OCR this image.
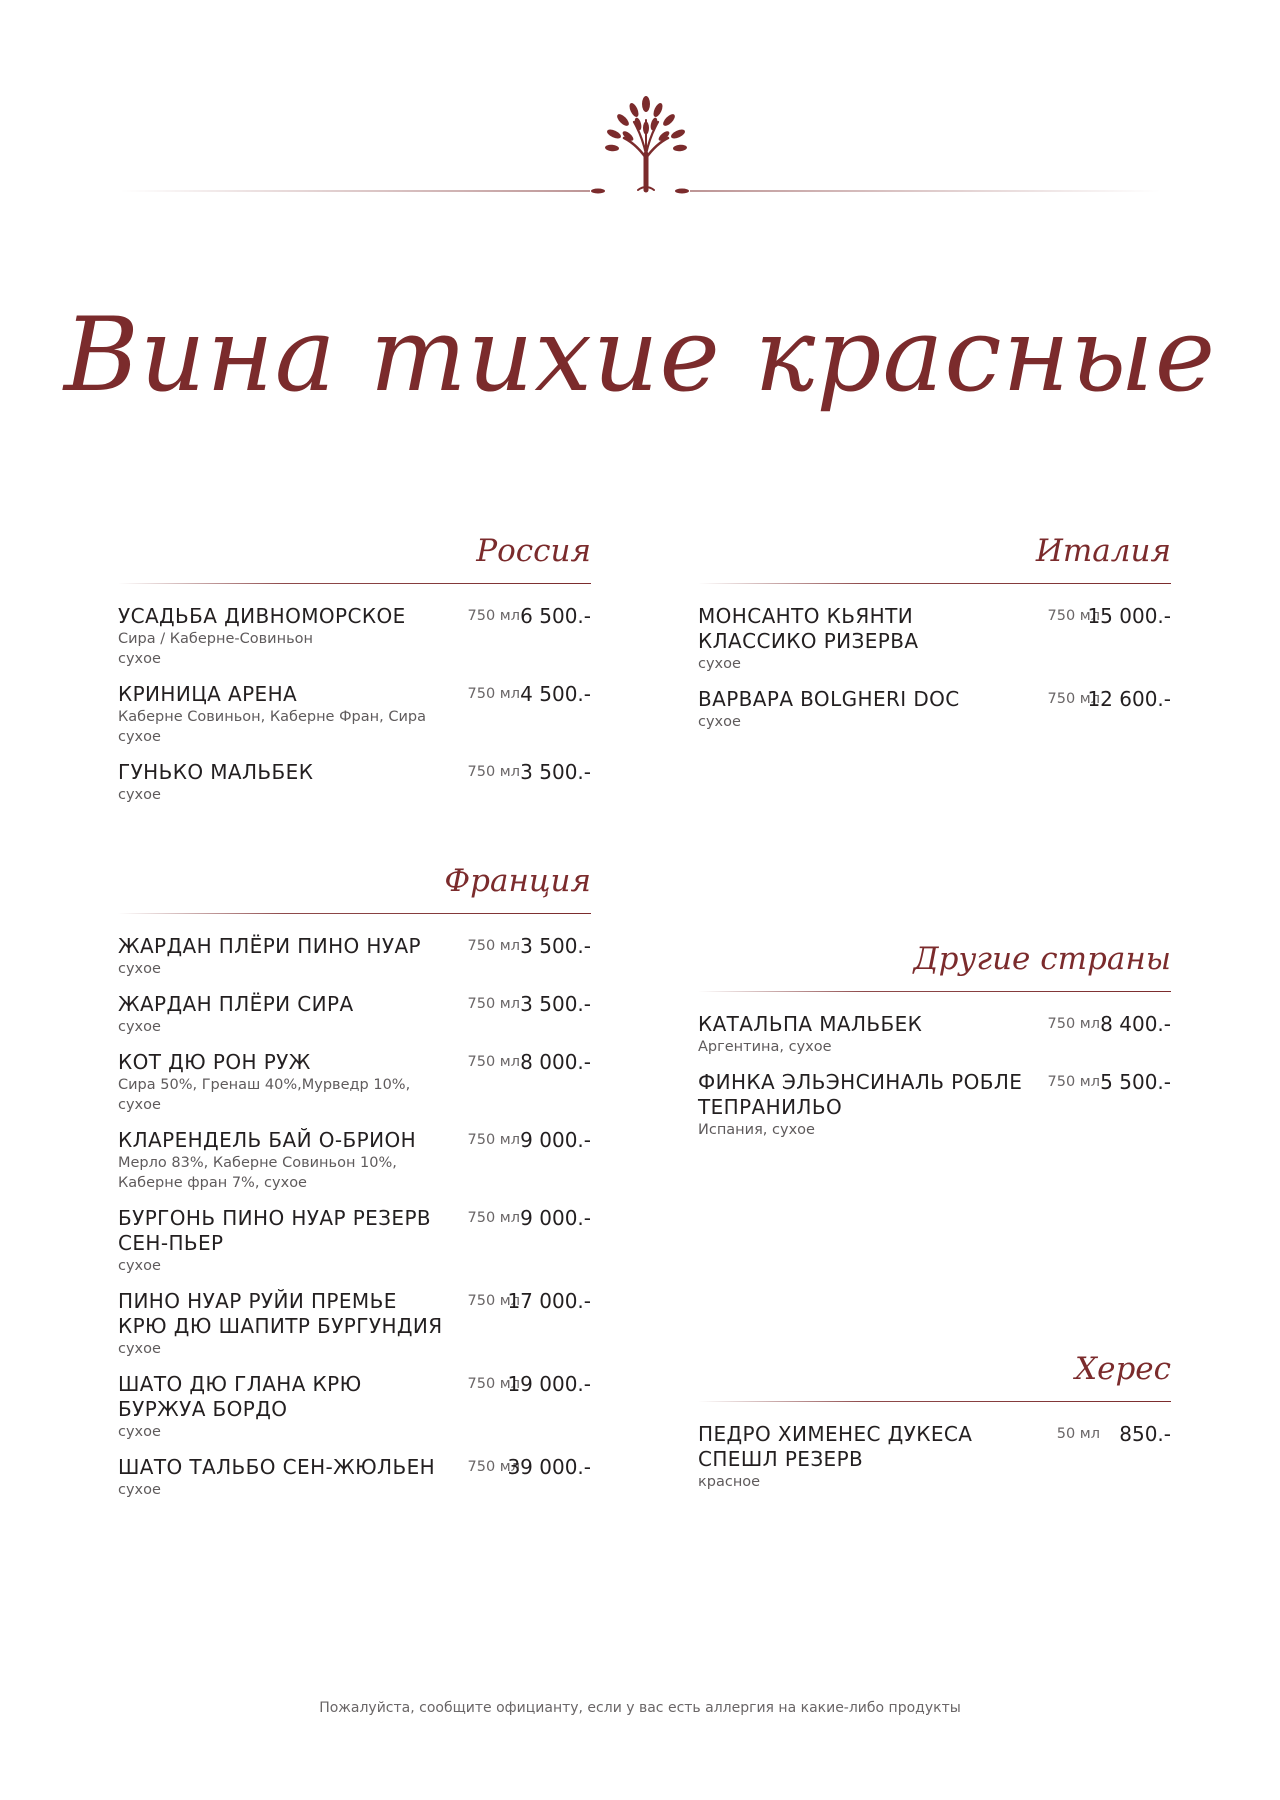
Вина тихие красные
Россия
УСАДЬБА ДИВНОМОРСКОЕ
Сира / Каберне-Совиньон
сухое
750 мл 6 500.-
КРИНИЦА АРЕНА
Каберне Совиньон, Каберне Фран, Сира
сухое
750 мл 4 500.-
ГУНЬКО МАЛЬБЕК
сухое
750 мл 3 500.-
Италия
МОНСАНТО КЬЯНТИ КЛАССИКО РИЗЕРВА
сухое
750 мл
15 000.-
ВАРВАРА BOLGHERI DOC
сухое
750 мл
12 600.-
Франция
ЖАРДАН ПЛЁРИ ПИНО НУАР
сухое
750 мл 3 500.-
ЖАРДАН ПЛЁРИ СИРА
сухое
750 мл 3 500.-
КОТ ДЮ РОН РУЖ
Сира 50%, Гренаш 40%,Мурведр 10%,
сухое
750 мл 8 000.-
КЛАРЕНДЕЛЬ БАЙ О-БРИОН
Мерло 83%, Каберне Совиньон 10%,
Каберне фран 7%, сухое
750 мл 9 000.-
БУРГОНЬ ПИНО НУАР РЕЗЕРВ СЕН-ПЬЕР
сухое
750 мл 9 000.-
ПИНО НУАР РУЙИ ПРЕМЬЕ КРЮ ДЮ ШАПИТР БУРГУНДИЯ
сухое
750 мл
17 000.-
ШАТО ДЮ ГЛАНА КРЮ БУРЖУА БОРДО
сухое
750 мл
19 000.-
ШАТО ТАЛЬБО СЕН-ЖЮЛЬЕН
сухое
750 мл
39 000.-
Другие страны
КАТАЛЬПА МАЛЬБЕК
Аргентина, сухое
750 мл 8 400.-
ФИНКА ЭЛЬЭНСИНАЛЬ РОБЛЕ ТЕПРАНИЛЬО
Испания, сухое
750 мл 5 500.-
Херес
ПЕДРО ХИМЕНЕС ДУКЕСА СПЕШЛ РЕЗЕРВ
красное
50 мл 850.-
Пожалуйста, сообщите официанту, если у вас есть аллергия на какие-либо продукты
